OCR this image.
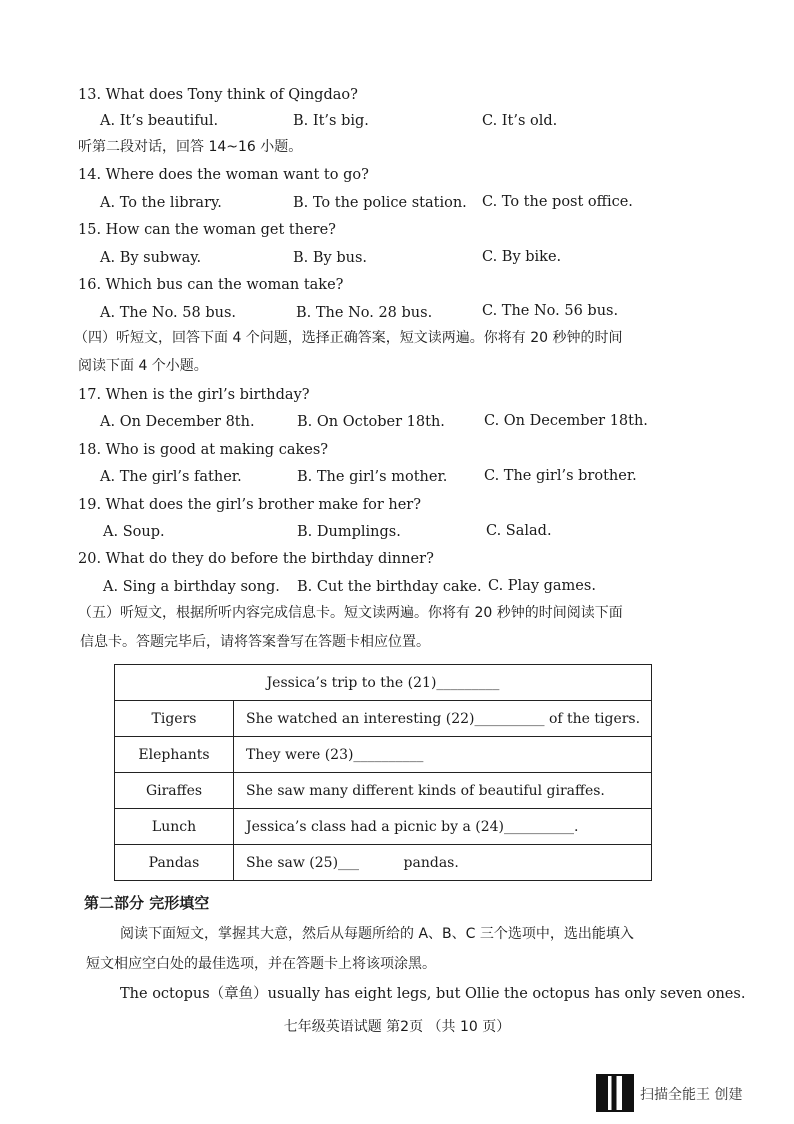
13. What does Tony think of Qingdao?
A. It’s beautiful.	B. It’s big.	C. It’s old.
听第二段对话，回答 14~16 小题。
14. Where does the woman want to go?
A. To the library.	B. To the police station. C. To the post office.
15. How can the woman get there?
A. By subway.	B. By bus.	C. By bike.
16. Which bus can the woman take?
A. The No. 58 bus.	B. The No. 28 bus.	C. The No. 56 bus.
（四）听短文，回答下面 4 个问题，选择正确答案，短文读两遍。你将有 20 秒钟的时间
阅读下面 4 个小题。
17. When is the girl’s birthday?
A. On December 8th.	B. On October 18th.	C. On December 18th.
18. Who is good at making cakes?
A. The girl’s father.	B. The girl’s mother.	C. The girl’s brother.
19. What does the girl’s brother make for her?
A. Soup.	B. Dumplings.	C. Salad.
20. What do they do before the birthday dinner?
A. Sing a birthday song. B. Cut the birthday cake. C. Play games.
（五）听短文，根据所听内容完成信息卡。短文读两遍。你将有 20 秒钟的时间阅读下面
信息卡。答题完毕后，请将答案誊写在答题卡相应位置。
Jessica’s trip to the (21)_________	
Tigers	She watched an interesting (22)__________ of the tigers.
Elephants	They were (23)__________
Giraffes	She saw many different kinds of beautiful giraffes.
Lunch	Jessica’s class had a picnic by a (24)__________.
Pandas	She saw (25)___          pandas.
第二部分 完形填空
阅读下面短文，掌握其大意，然后从每题所给的 A、B、C 三个选项中，选出能填入
短文相应空白处的最佳选项，并在答题卡上将该项涂黑。
The octopus（章鱼）usually has eight legs, but Ollie the octopus has only seven ones.
七年级英语试题 第2页 （共 10 页）
扫描全能王 创建
